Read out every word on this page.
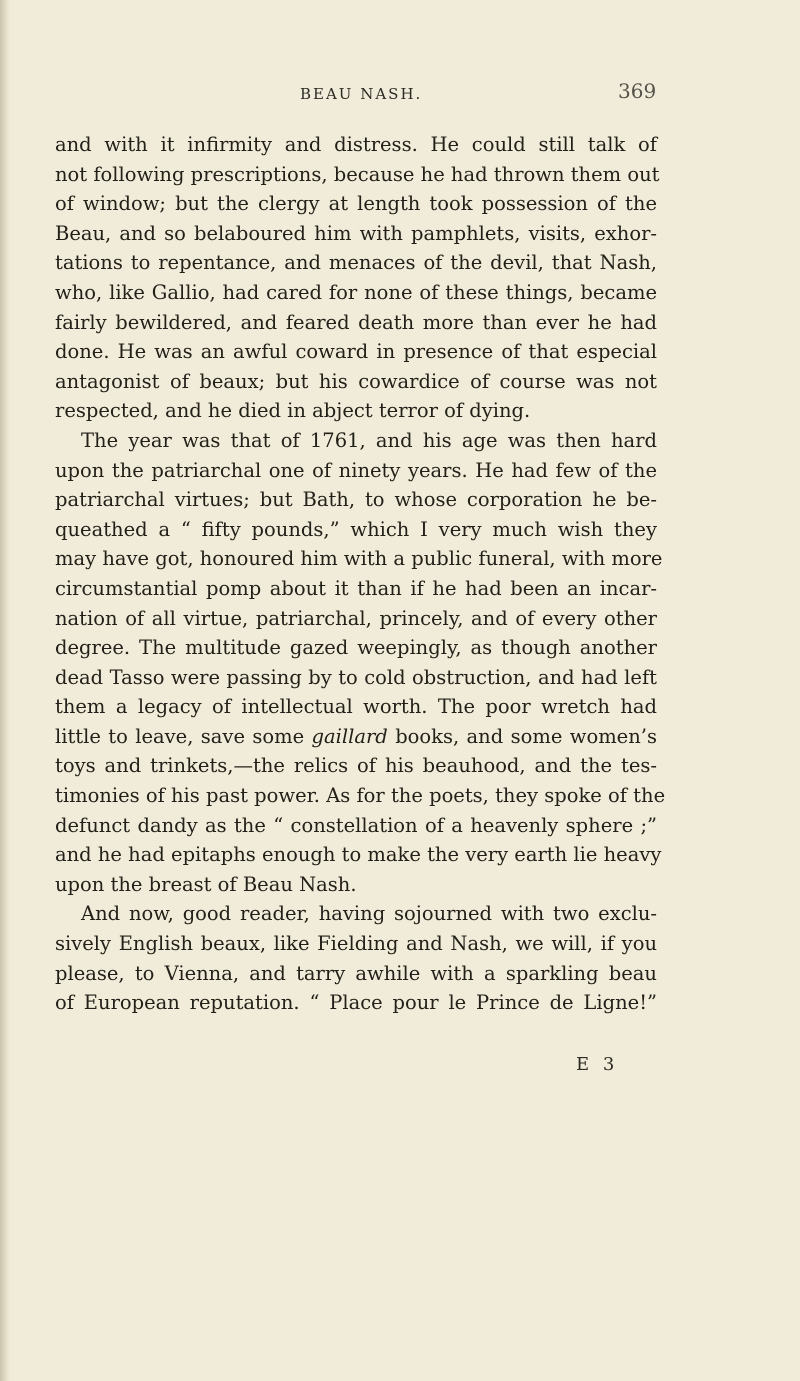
BEAU NASH.	369
and with it infirmity and distress. He could still talk of
not following prescriptions, because he had thrown them out
of window; but the clergy at length took possession of the
Beau, and so belaboured him with pamphlets, visits, exhor-
tations to repentance, and menaces of the devil, that Nash,
who, like Gallio, had cared for none of these things, became
fairly bewildered, and feared death more than ever he had
done. He was an awful coward in presence of that especial
antagonist of beaux; but his cowardice of course was not
respected, and he died in abject terror of dying.
The year was that of 1761, and his age was then hard
upon the patriarchal one of ninety years. He had few of the
patriarchal virtues; but Bath, to whose corporation he be-
queathed a “ fifty pounds,” which I very much wish they
may have got, honoured him with a public funeral, with more
circumstantial pomp about it than if he had been an incar-
nation of all virtue, patriarchal, princely, and of every other
degree. The multitude gazed weepingly, as though another
dead Tasso were passing by to cold obstruction, and had left
them a legacy of intellectual worth. The poor wretch had
little to leave, save some gaillard books, and some women’s
toys and trinkets,—the relics of his beauhood, and the tes-
timonies of his past power. As for the poets, they spoke of the
defunct dandy as the “ constellation of a heavenly sphere ;”
and he had epitaphs enough to make the very earth lie heavy
upon the breast of Beau Nash.
And now, good reader, having sojourned with two exclu-
sively English beaux, like Fielding and Nash, we will, if you
please, to Vienna, and tarry awhile with a sparkling beau
of European reputation. “ Place pour le Prince de Ligne!”
E 3
